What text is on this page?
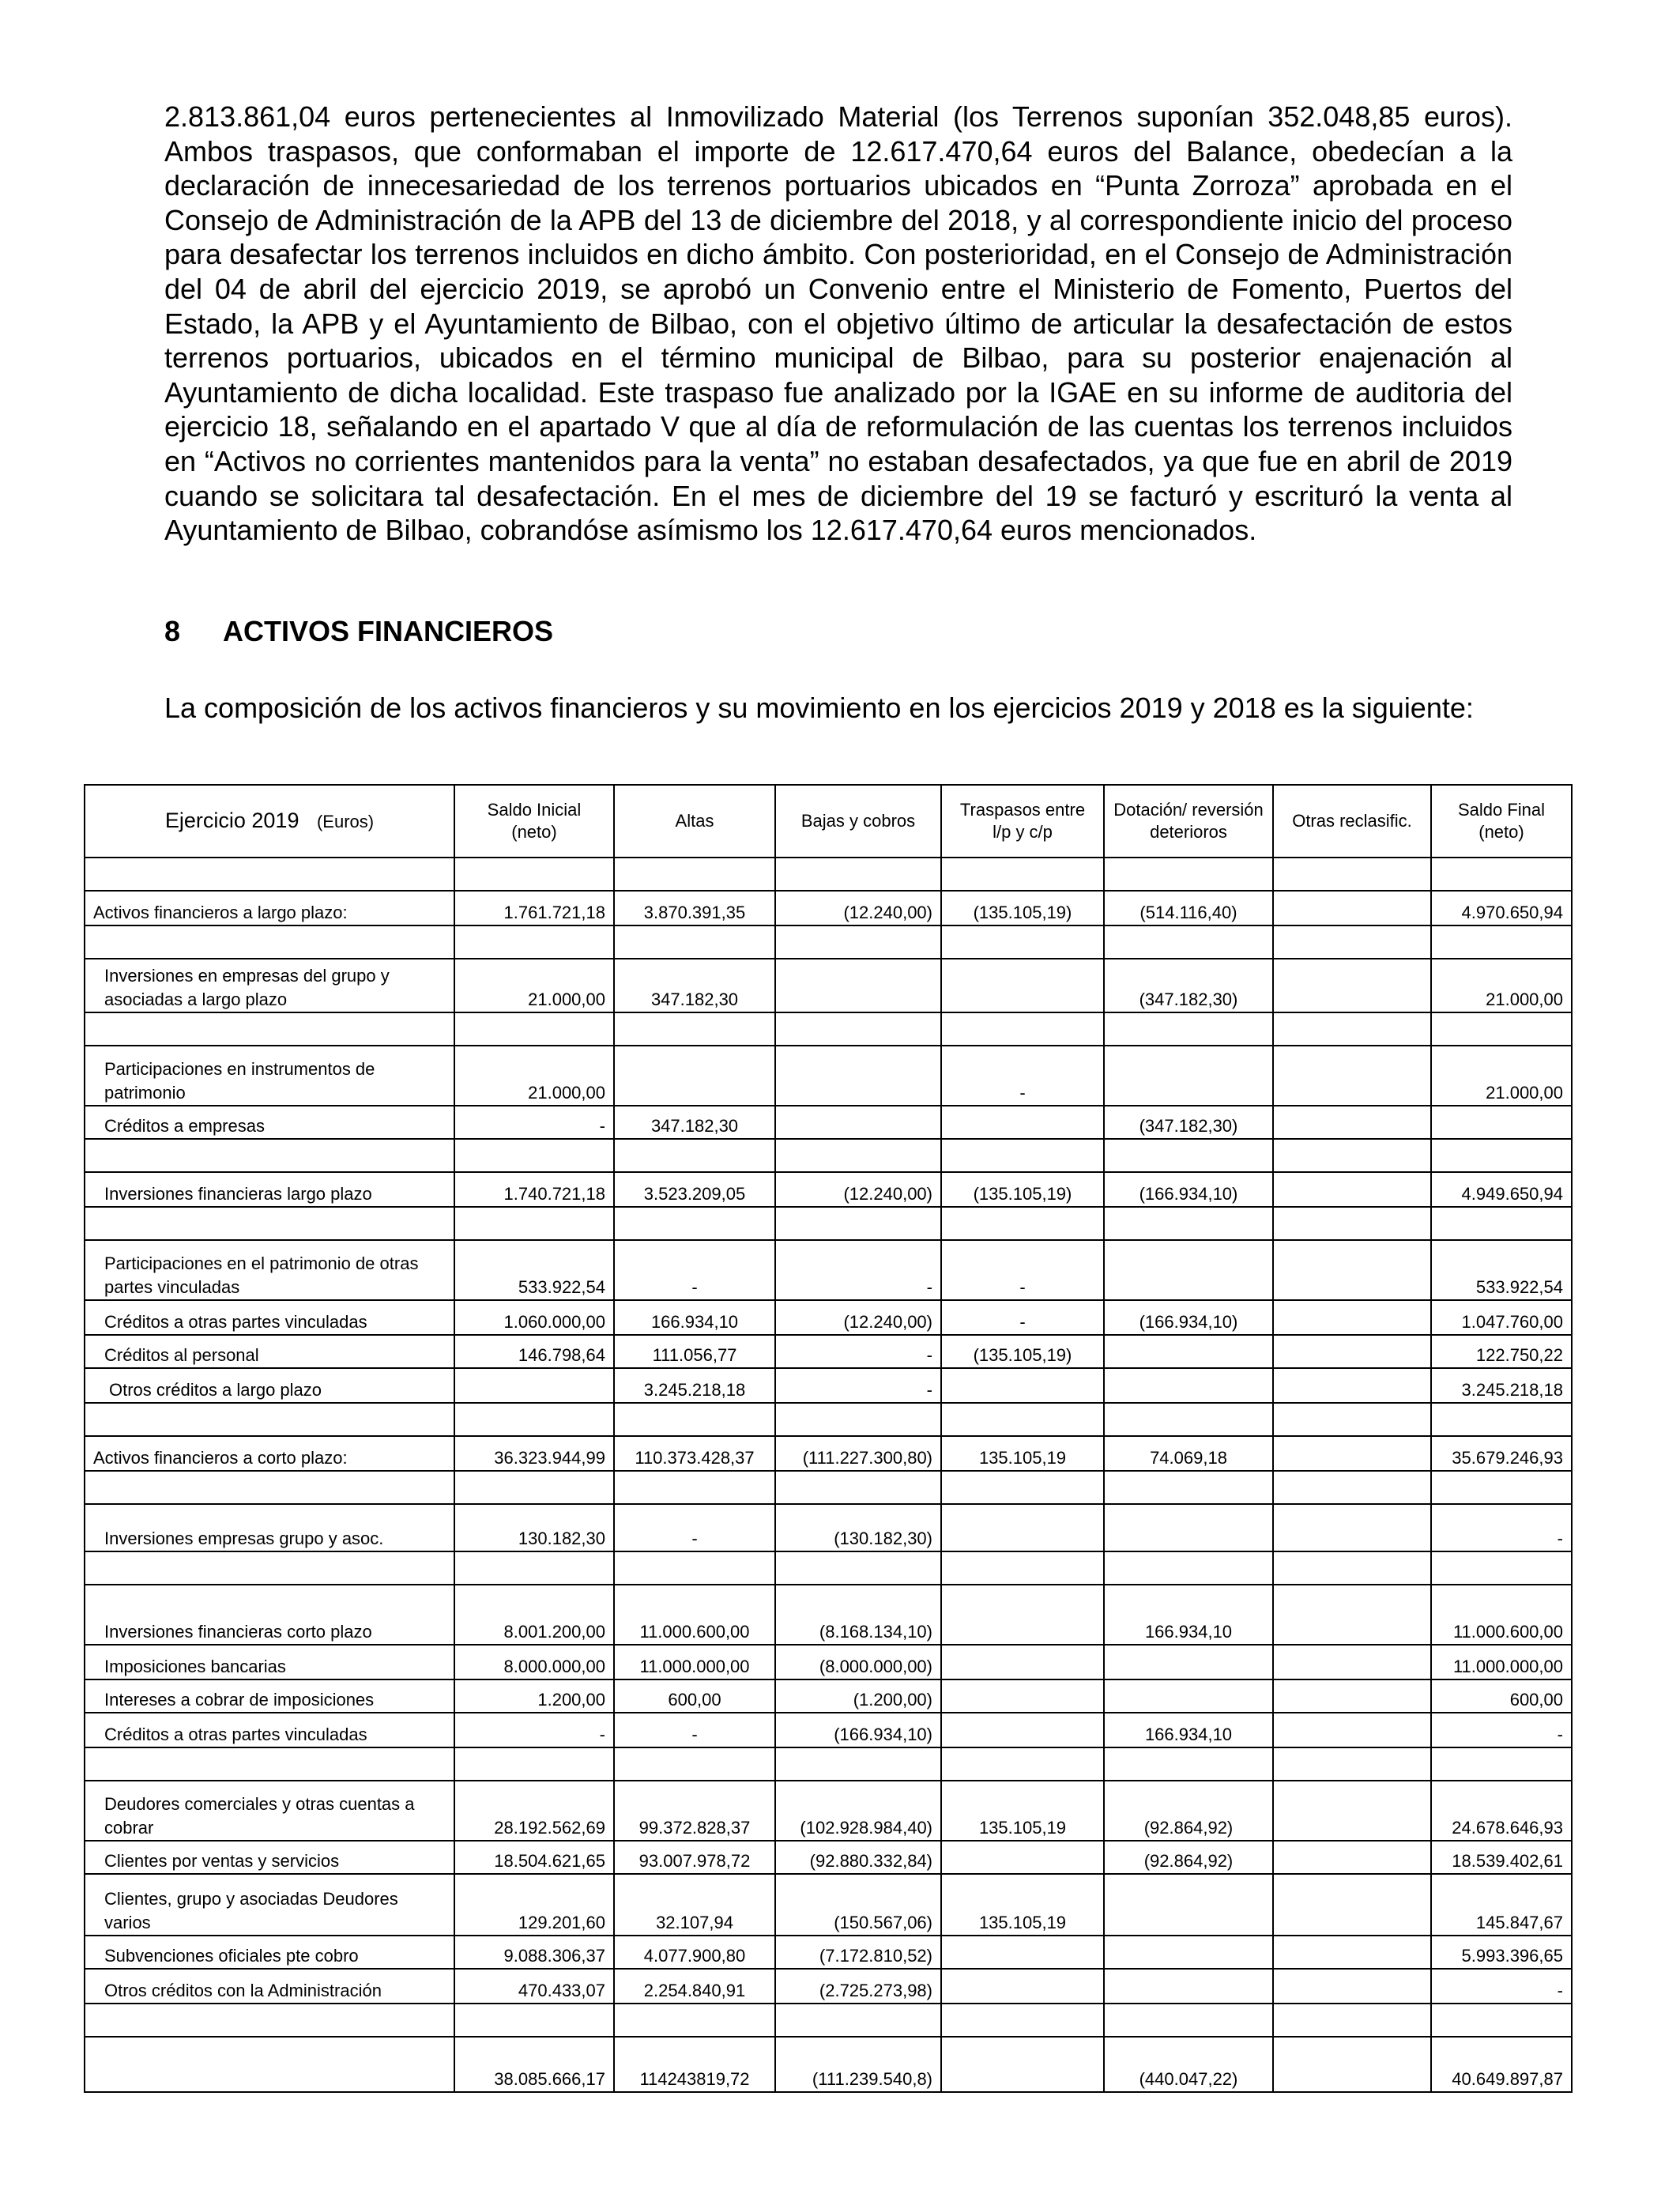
2.813.861,04 euros pertenecientes al Inmovilizado Material (los Terrenos suponían 352.048,85 euros). Ambos traspasos, que conformaban el importe de 12.617.470,64 euros del Balance, obedecían a la declaración de innecesariedad de los terrenos portuarios ubicados en “Punta Zorroza” aprobada en el Consejo de Administración de la APB del 13 de diciembre del 2018, y al correspondiente inicio del proceso para desafectar los terrenos incluidos en dicho ámbito. Con posterioridad, en el Consejo de Administración del 04 de abril del ejercicio 2019, se aprobó un Convenio entre el Ministerio de Fomento, Puertos del Estado, la APB y el Ayuntamiento de Bilbao, con el objetivo último de articular la desafectación de estos terrenos portuarios, ubicados en el término municipal de Bilbao, para su posterior enajenación al Ayuntamiento de dicha localidad. Este traspaso fue analizado por la IGAE en su informe de auditoria del ejercicio 18, señalando en el apartado V que al día de reformulación de las cuentas los terrenos incluidos en “Activos no corrientes mantenidos para la venta” no estaban desafectados, ya que fue en abril de 2019 cuando se solicitara tal desafectación. En el mes de diciembre del 19 se facturó y escrituró la venta al Ayuntamiento de Bilbao, cobrandóse asímismo los 12.617.470,64 euros mencionados.

8 ACTIVOS FINANCIEROS

La composición de los activos financieros y su movimiento en los ejercicios 2019 y 2018 es la siguiente:

Ejercicio 2019 (Euros)	Saldo Inicial (neto)	Altas	Bajas y cobros	Traspasos entre l/p y c/p	Dotación/ reversión deterioros	Otras reclasific.	Saldo Final (neto)

Activos financieros a largo plazo:	1.761.721,18	3.870.391,35	(12.240,00)	(135.105,19)	(514.116,40)		4.970.650,94

Inversiones en empresas del grupo y asociadas a largo plazo	21.000,00	347.182,30			(347.182,30)		21.000,00

Participaciones en instrumentos de patrimonio	21.000,00			-			21.000,00
Créditos a empresas	-	347.182,30			(347.182,30)		

Inversiones financieras largo plazo	1.740.721,18	3.523.209,05	(12.240,00)	(135.105,19)	(166.934,10)		4.949.650,94

Participaciones en el patrimonio de otras partes vinculadas	533.922,54	-	-	-			533.922,54
Créditos a otras partes vinculadas	1.060.000,00	166.934,10	(12.240,00)	-	(166.934,10)		1.047.760,00
Créditos al personal	146.798,64	111.056,77	-	(135.105,19)			122.750,22
Otros créditos a largo plazo		3.245.218,18	-				3.245.218,18

Activos financieros a corto plazo:	36.323.944,99	110.373.428,37	(111.227.300,80)	135.105,19	74.069,18		35.679.246,93

Inversiones empresas grupo y asoc.	130.182,30	-	(130.182,30)				-

Inversiones financieras corto plazo	8.001.200,00	11.000.600,00	(8.168.134,10)		166.934,10		11.000.600,00
Imposiciones bancarias	8.000.000,00	11.000.000,00	(8.000.000,00)				11.000.000,00
Intereses a cobrar de imposiciones	1.200,00	600,00	(1.200,00)				600,00
Créditos a otras partes vinculadas	-	-	(166.934,10)		166.934,10		-

Deudores comerciales y otras cuentas a cobrar	28.192.562,69	99.372.828,37	(102.928.984,40)	135.105,19	(92.864,92)		24.678.646,93
Clientes por ventas y servicios	18.504.621,65	93.007.978,72	(92.880.332,84)		(92.864,92)		18.539.402,61
Clientes, grupo y asociadas Deudores varios	129.201,60	32.107,94	(150.567,06)	135.105,19			145.847,67
Subvenciones oficiales pte cobro	9.088.306,37	4.077.900,80	(7.172.810,52)				5.993.396,65
Otros créditos con la Administración	470.433,07	2.254.840,91	(2.725.273,98)				-

	38.085.666,17	114243819,72	(111.239.540,8)		(440.047,22)		40.649.897,87
